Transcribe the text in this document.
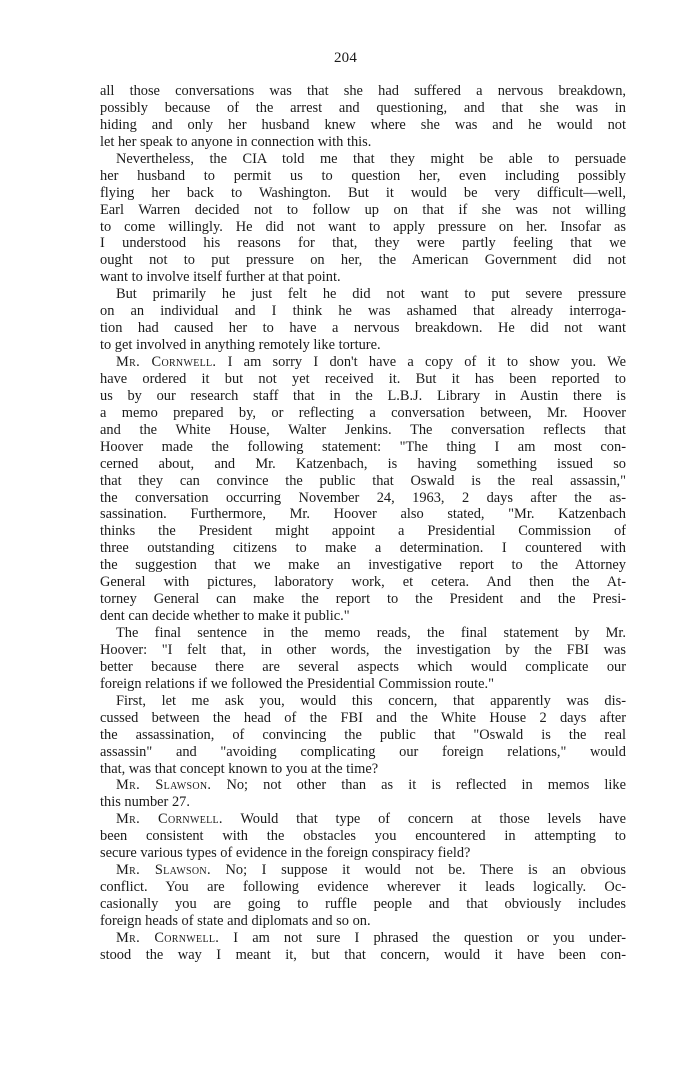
204
all those conversations was that she had suffered a nervous breakdown,
possibly because of the arrest and questioning, and that she was in
hiding and only her husband knew where she was and he would not
let her speak to anyone in connection with this.
Nevertheless, the CIA told me that they might be able to persuade
her husband to permit us to question her, even including possibly
flying her back to Washington. But it would be very difficult—well,
Earl Warren decided not to follow up on that if she was not willing
to come willingly. He did not want to apply pressure on her. Insofar as
I understood his reasons for that, they were partly feeling that we
ought not to put pressure on her, the American Government did not
want to involve itself further at that point.
But primarily he just felt he did not want to put severe pressure
on an individual and I think he was ashamed that already interroga-
tion had caused her to have a nervous breakdown. He did not want
to get involved in anything remotely like torture.
Mr. Cornwell. I am sorry I don't have a copy of it to show you. We
have ordered it but not yet received it. But it has been reported to
us by our research staff that in the L.B.J. Library in Austin there is
a memo prepared by, or reflecting a conversation between, Mr. Hoover
and the White House, Walter Jenkins. The conversation reflects that
Hoover made the following statement: "The thing I am most con-
cerned about, and Mr. Katzenbach, is having something issued so
that they can convince the public that Oswald is the real assassin,"
the conversation occurring November 24, 1963, 2 days after the as-
sassination. Furthermore, Mr. Hoover also stated, "Mr. Katzenbach
thinks the President might appoint a Presidential Commission of
three outstanding citizens to make a determination. I countered with
the suggestion that we make an investigative report to the Attorney
General with pictures, laboratory work, et cetera. And then the At-
torney General can make the report to the President and the Presi-
dent can decide whether to make it public."
The final sentence in the memo reads, the final statement by Mr.
Hoover: "I felt that, in other words, the investigation by the FBI was
better because there are several aspects which would complicate our
foreign relations if we followed the Presidential Commission route."
First, let me ask you, would this concern, that apparently was dis-
cussed between the head of the FBI and the White House 2 days after
the assassination, of convincing the public that "Oswald is the real
assassin" and "avoiding complicating our foreign relations," would
that, was that concept known to you at the time?
Mr. Slawson. No; not other than as it is reflected in memos like
this number 27.
Mr. Cornwell. Would that type of concern at those levels have
been consistent with the obstacles you encountered in attempting to
secure various types of evidence in the foreign conspiracy field?
Mr. Slawson. No; I suppose it would not be. There is an obvious
conflict. You are following evidence wherever it leads logically. Oc-
casionally you are going to ruffle people and that obviously includes
foreign heads of state and diplomats and so on.
Mr. Cornwell. I am not sure I phrased the question or you under-
stood the way I meant it, but that concern, would it have been con-
